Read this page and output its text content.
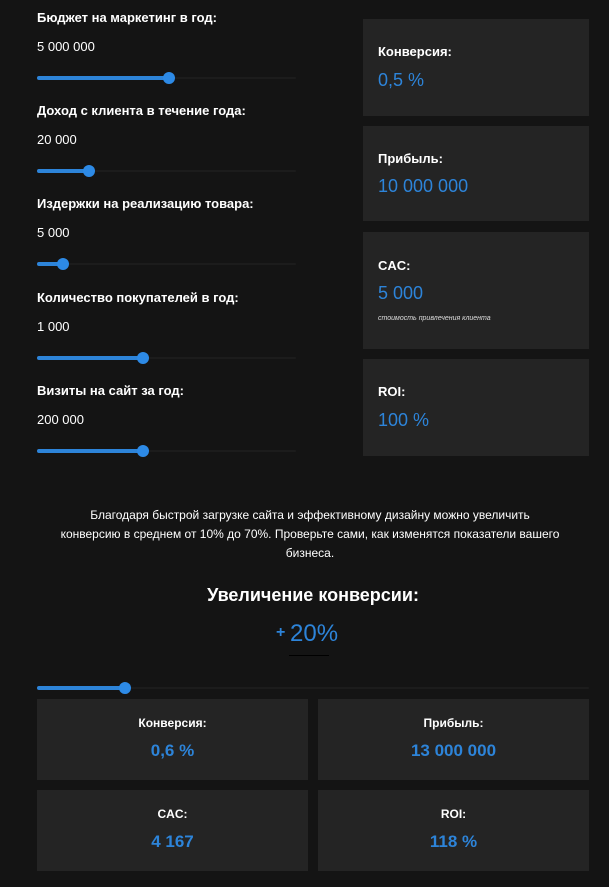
Бюджет на маркетинг в год:
5 000 000
Доход с клиента в течение года:
20 000
Издержки на реализацию товара:
5 000
Количество покупателей в год:
1 000
Визиты на сайт за год:
200 000
Конверсия:
0,5 %
Прибыль:
10 000 000
CAC:
5 000
стоимость привлечения клиента
ROI:
100 %
Благодаря быстрой загрузке сайта и эффективному дизайну можно увеличить конверсию в среднем от 10% до 70%. Проверьте сами, как изменятся показатели вашего бизнеса.
Увеличение конверсии:
+ 20%
Конверсия:
0,6 %
Прибыль:
13 000 000
CAC:
4 167
ROI:
118 %
